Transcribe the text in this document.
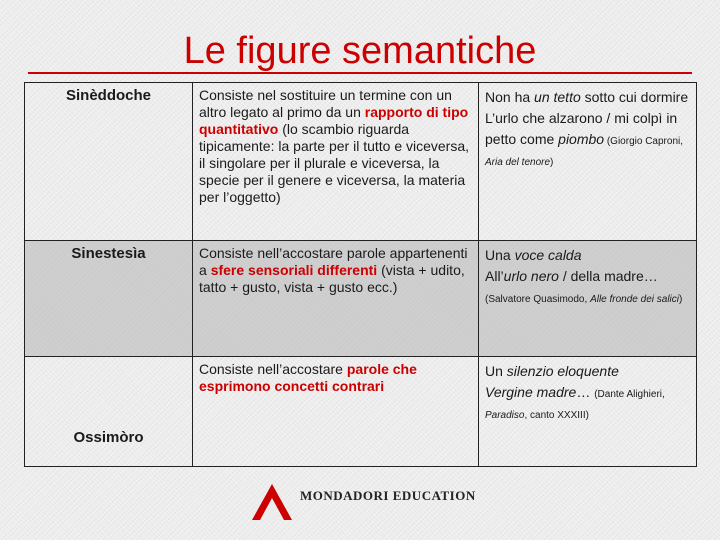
Le figure semantiche
Sinèddoche	Consiste nel sostituire un termine con un altro legato al primo da un rapporto di tipo quantitativo (lo scambio riguarda tipicamente: la parte per il tutto e viceversa, il singolare per il plurale e viceversa, la specie per il genere e viceversa, la materia per l’oggetto)	Non ha un tetto sotto cui dormire
L’urlo che alzarono / mi colpì in petto come piombo (Giorgio Caproni, Aria del tenore)
Sinestesìa	Consiste nell’accostare parole appartenenti a sfere sensoriali differenti (vista + udito, tatto + gusto, vista + gusto ecc.)	Una voce calda
All’urlo nero / della madre…
(Salvatore Quasimodo, Alle fronde dei salici)
Ossimòro	Consiste nell’accostare parole che esprimono concetti contrari	Un silenzio eloquente
Vergine madre… (Dante Alighieri, Paradiso, canto XXXIII)
MONDADORI EDUCATION
